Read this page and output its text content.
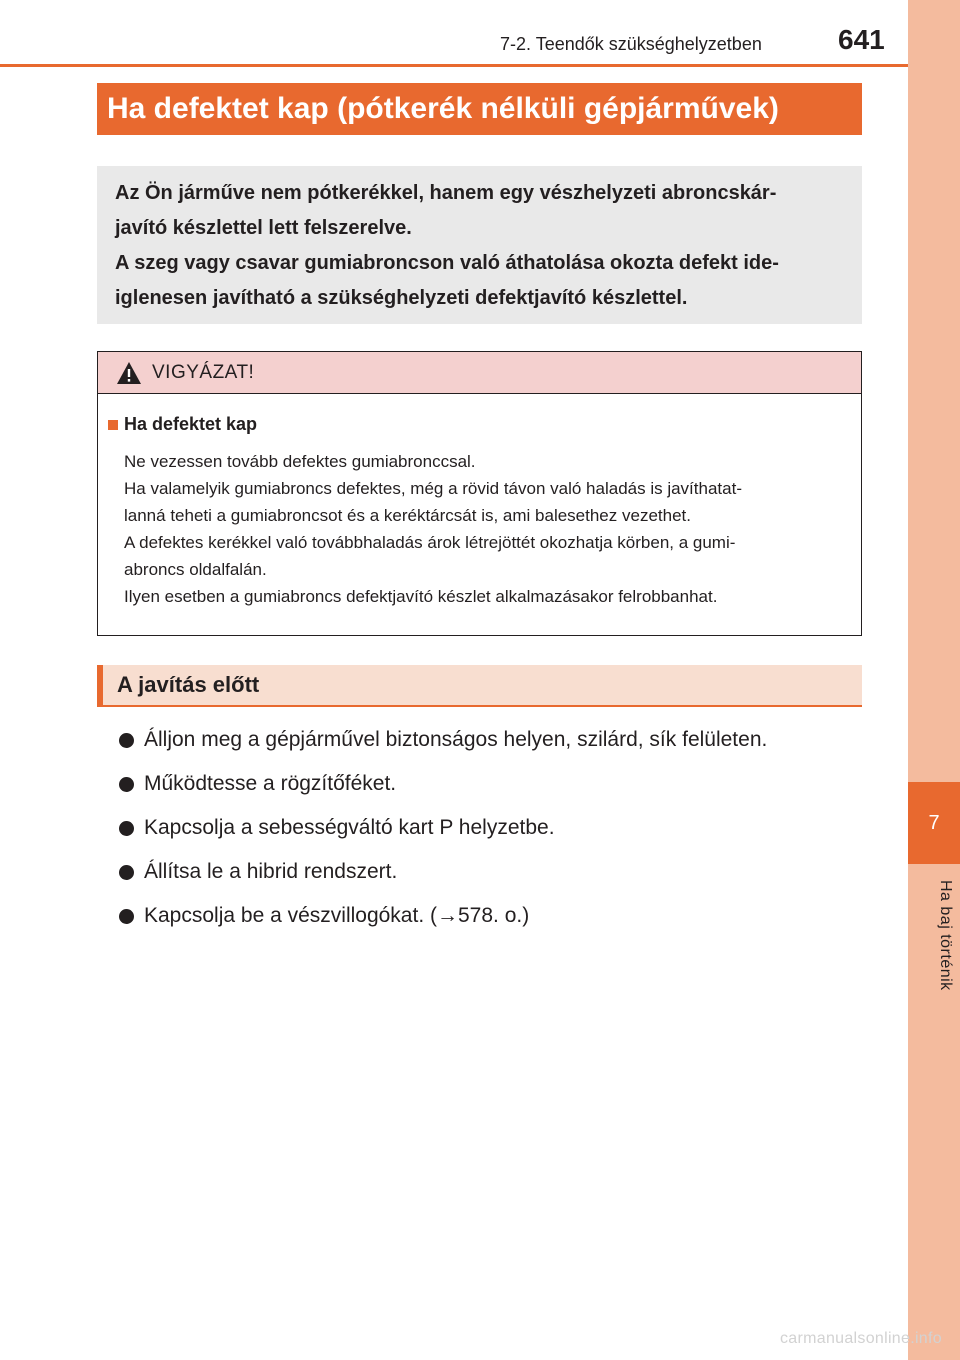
7
Ha baj történik
7-2. Teendők szükséghelyzetben	641
Ha defektet kap (pótkerék nélküli gépjárművek)

Az Ön járműve nem pótkerékkel, hanem egy vészhelyzeti abroncskár-

javító készlettel lett felszerelve.

A szeg vagy csavar gumiabroncson való áthatolása okozta defekt ide-

iglenesen javítható a szükséghelyzeti defektjavító készlettel.

VIGYÁZAT!
Ha defektet kap

Ne vezessen tovább defektes gumiabronccsal.

Ha valamelyik gumiabroncs defektes, még a rövid távon való haladás is javíthatat-

lanná teheti a gumiabroncsot és a keréktárcsát is, ami balesethez vezethet.

A defektes kerékkel való továbbhaladás árok létrejöttét okozhatja körben, a gumi-

abroncs oldalfalán.

Ilyen esetben a gumiabroncs defektjavító készlet alkalmazásakor felrobbanhat.

A javítás előtt
Álljon meg a gépjárművel biztonságos helyen, szilárd, sík felületen.
Működtesse a rögzítőféket.
Kapcsolja a sebességváltó kart P helyzetbe.
Állítsa le a hibrid rendszert.
Kapcsolja be a vészvillogókat. (→578. o.)
carmanualsonline.info
